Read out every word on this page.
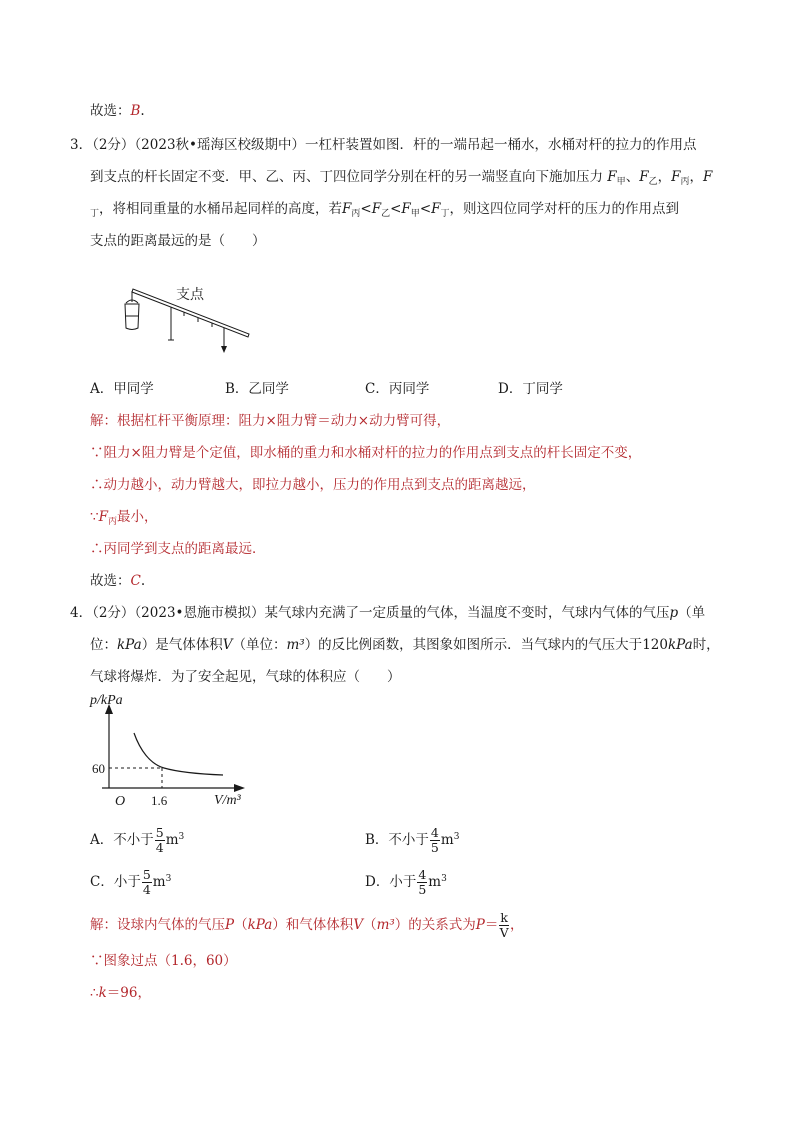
故选：B.
3．（2分）（2023秋•瑶海区校级期中）一杠杆装置如图．杆的一端吊起一桶水，水桶对杆的拉力的作用点
到支点的杆长固定不变．甲、乙、丙、丁四位同学分别在杆的另一端竖直向下施加压力 $F_甲$、$F_乙$，$F_丙$，F
$_丁$，将相同重量的水桶吊起同样的高度，若$F_丙<F_乙<F_甲<F_丁$，则这四位同学对杆的压力的作用点到
支点的距离最远的是（　　）
支点
A．甲同学	B．乙同学	C．丙同学	D．丁同学
解：根据杠杆平衡原理：阻力×阻力臂＝动力×动力臂可得，
∵阻力×阻力臂是个定值，即水桶的重力和水桶对杆的拉力的作用点到支点的杆长固定不变，
∴动力越小，动力臂越大，即拉力越小，压力的作用点到支点的距离越远，
$\because F_丙$最小，
∴丙同学到支点的距离最远．
故选：C.
4．（2分）（2023•恩施市模拟）某气球内充满了一定质量的气体，当温度不变时，气球内气体的气压p（单
位：kPa）是气体体积V（单位：m³）的反比例函数，其图象如图所示．当气球内的气压大于120kPa时，
气球将爆炸．为了安全起见，气球的体积应（　　）
p/kPa
V/m³
60
O 1.6
A．不小于 $\frac{5}{4} m^3$	B．不小于 $\frac{4}{5} m^3$
C．小于 $\frac{5}{4} m^3$	D．小于 $\frac{4}{5} m^3$
解：设球内气体的气压P（kPa）和气体体积V（m³）的关系式为$P= \frac{k}{V}$ ，
∵图象过点（1.6，60）
∴k＝96，
